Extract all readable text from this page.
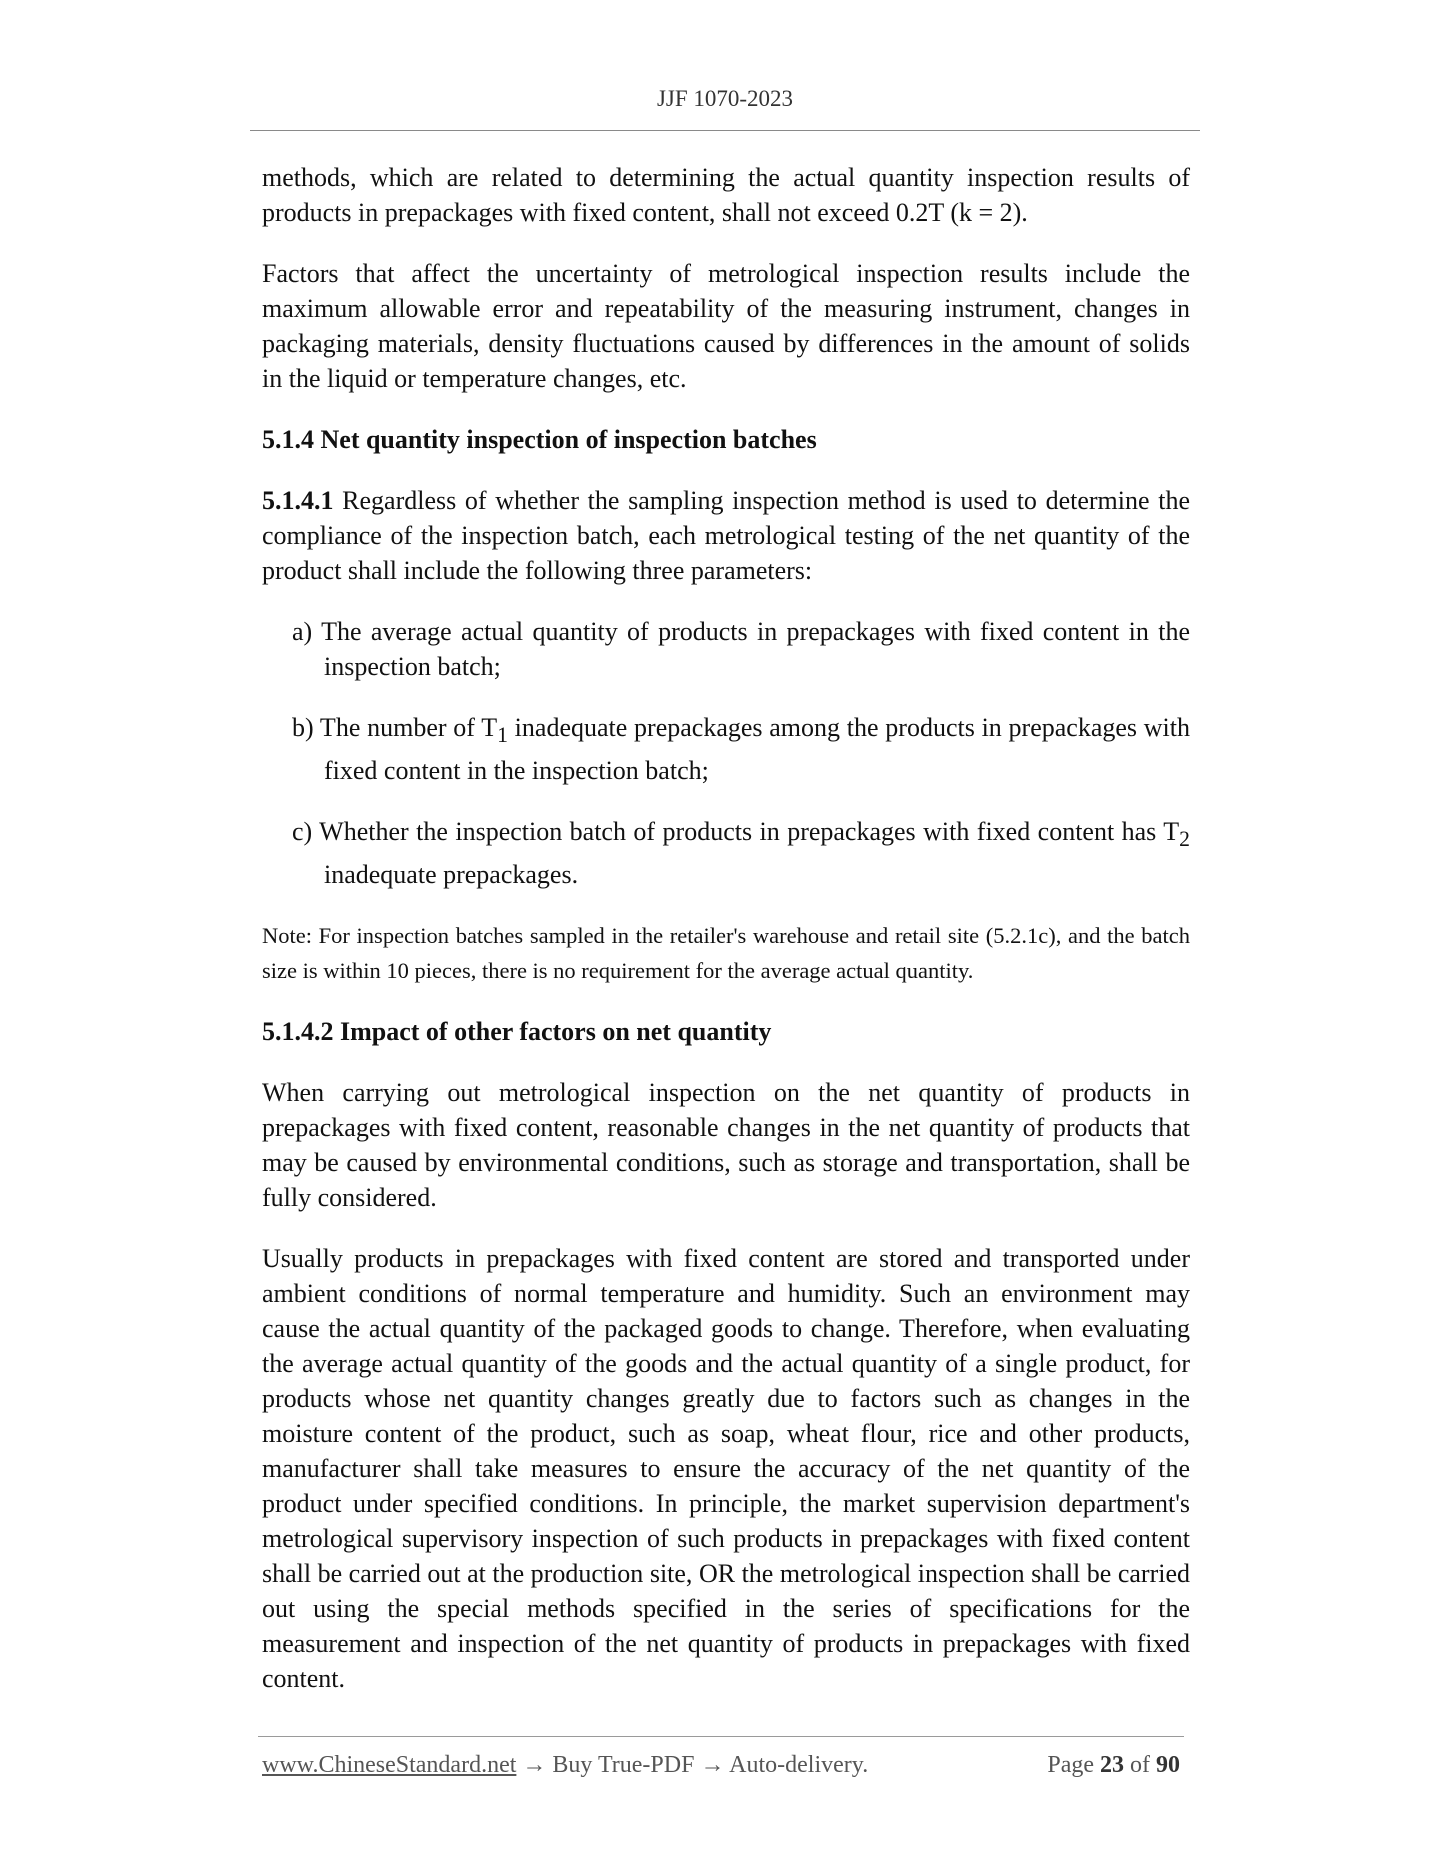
JJF 1070-2023

methods, which are related to determining the actual quantity inspection results of products in prepackages with fixed content, shall not exceed 0.2T (k = 2).

Factors that affect the uncertainty of metrological inspection results include the maximum allowable error and repeatability of the measuring instrument, changes in packaging materials, density fluctuations caused by differences in the amount of solids in the liquid or temperature changes, etc.

5.1.4 Net quantity inspection of inspection batches

5.1.4.1 Regardless of whether the sampling inspection method is used to determine the compliance of the inspection batch, each metrological testing of the net quantity of the product shall include the following three parameters:

a) The average actual quantity of products in prepackages with fixed content in the inspection batch;

b) The number of $T_1$ inadequate prepackages among the products in prepackages with fixed content in the inspection batch;

c) Whether the inspection batch of products in prepackages with fixed content has $T_2$ inadequate prepackages.

Note: For inspection batches sampled in the retailer's warehouse and retail site (5.2.1c), and the batch size is within 10 pieces, there is no requirement for the average actual quantity.

5.1.4.2 Impact of other factors on net quantity

When carrying out metrological inspection on the net quantity of products in prepackages with fixed content, reasonable changes in the net quantity of products that may be caused by environmental conditions, such as storage and transportation, shall be fully considered.

Usually products in prepackages with fixed content are stored and transported under ambient conditions of normal temperature and humidity. Such an environment may cause the actual quantity of the packaged goods to change. Therefore, when evaluating the average actual quantity of the goods and the actual quantity of a single product, for products whose net quantity changes greatly due to factors such as changes in the moisture content of the product, such as soap, wheat flour, rice and other products, manufacturer shall take measures to ensure the accuracy of the net quantity of the product under specified conditions. In principle, the market supervision department's metrological supervisory inspection of such products in prepackages with fixed content shall be carried out at the production site, OR the metrological inspection shall be carried out using the special methods specified in the series of specifications for the measurement and inspection of the net quantity of products in prepackages with fixed content.

www.ChineseStandard.net → Buy True-PDF → Auto-delivery.	Page 23 of 90
